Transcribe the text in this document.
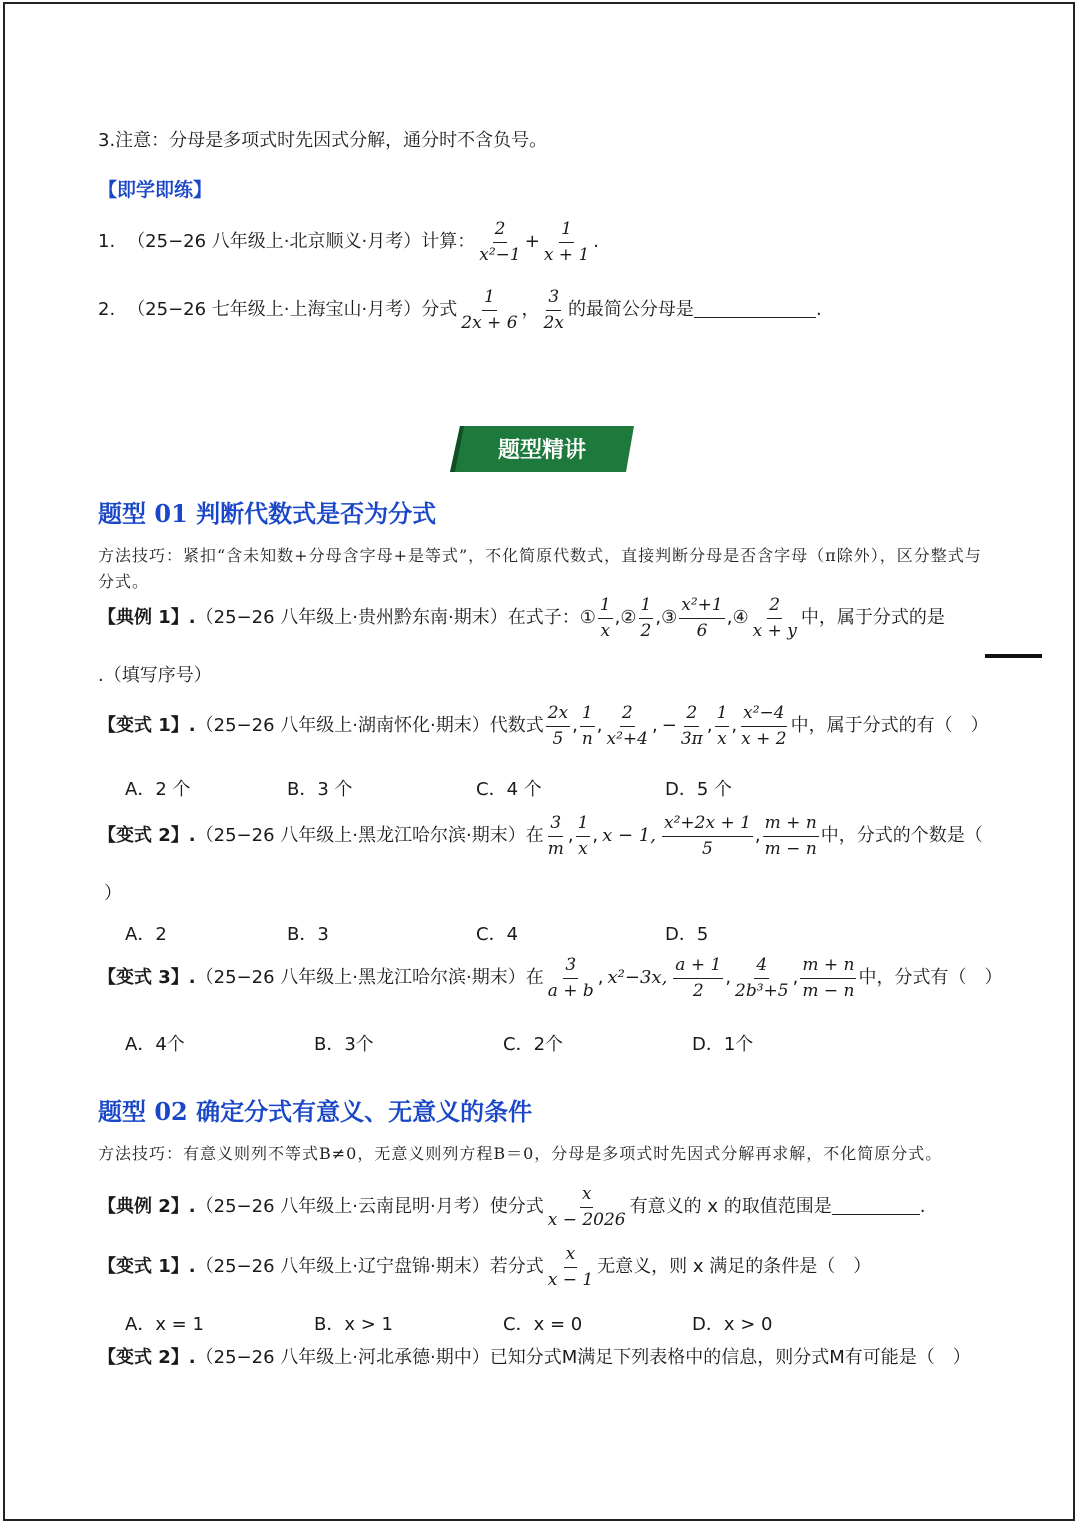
3.注意：分母是多项式时先因式分解，通分时不含负号。
【即学即练】
1. （25−26 八年级上·北京顺义·月考）计算： $\frac{2}{\text{x²−1}} + \frac{1}{x + 1}$ .
2. （25−26 七年级上·上海宝山·月考）分式 $\frac{1}{2x + 6}$ ， $\frac{3}{2x}$ 的最简公分母是	.
题型精讲
题型 01 判断代数式是否为分式
方法技巧：紧扣“含未知数+分母含字母+是等式”，不化简原代数式，直接判断分母是否含字母（π除外），区分整式与分式。
【典例 1】. （25−26 八年级上·贵州黔东南·期末）在式子： ① $\frac{1}{x}$ , ② $\frac{1}{2}$ , ③ $\frac{\text{x²+1}}{6}$ , ④ $\frac{2}{x + y}$ 中，属于分式的是
.（填写序号）
【变式 1】. （25−26 八年级上·湖南怀化·期末）代数式 $\frac{2x}{5}$ , $\frac{1}{n}$ , $\frac{2}{\text{x²+4}}$ , − $\frac{2}{3\pi}$ , $\frac{1}{x}$ , $\frac{\text{x²−4}}{x + 2}$ 中，属于分式的有（　）
A．2 个	B．3 个	C．4 个	D．5 个
【变式 2】. （25−26 八年级上·黑龙江哈尔滨·期末）在 $\frac{3}{m}$ , $\frac{1}{x}$ , x − 1, $\frac{\text{x²+2x + 1}}{5}$ , $\frac{m + n}{m - n}$ 中，分式的个数是（
）
A．2	B．3	C．4	D．5
【变式 3】. （25−26 八年级上·黑龙江哈尔滨·期末）在 $\frac{3}{a + b}$ , x²−3x, $\frac{a + 1}{2}$ , $\frac{4}{\text{2b³+5}}$ , $\frac{m + n}{m - n}$ 中，分式有（　）
A．4个	B．3个	C．2个	D．1个
题型 02 确定分式有意义、无意义的条件
方法技巧：有意义则列不等式B≠0，无意义则列方程B＝0，分母是多项式时先因式分解再求解，不化简原分式。
【典例 2】. （25−26 八年级上·云南昆明·月考）使分式 $\frac{x}{x - 2026}$ 有意义的 x 的取值范围是	.
【变式 1】. （25−26 八年级上·辽宁盘锦·期末）若分式 $\frac{x}{x - 1}$ 无意义，则 x 满足的条件是（　）
A．x = 1	B．x > 1	C．x = 0	D．x > 0
【变式 2】. （25−26 八年级上·河北承德·期中）已知分式M满足下列表格中的信息，则分式M有可能是（　）
